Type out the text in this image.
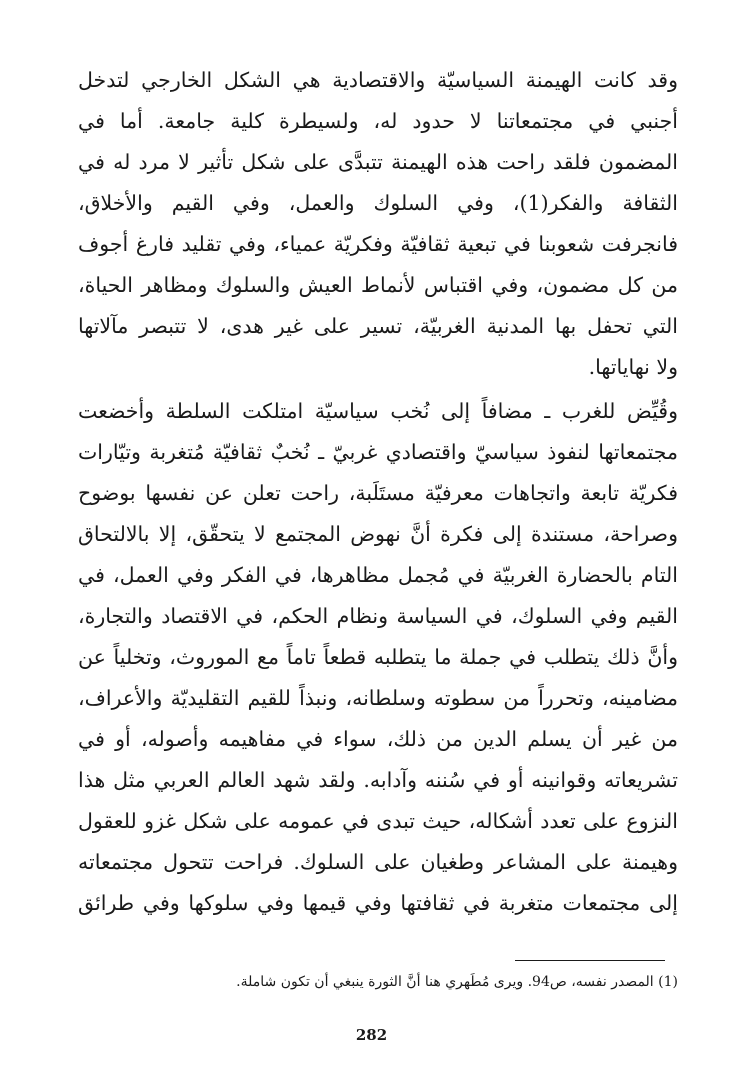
وقد كانت الهيمنة السياسيّة والاقتصادية هي الشكل الخارجي لتدخل
أجنبي في مجتمعاتنا لا حدود له، ولسيطرة كلية جامعة. أما في
المضمون فلقد راحت هذه الهيمنة تتبدَّى على شكل تأثير لا مرد له في
الثقافة والفكر(1)، وفي السلوك والعمل، وفي القيم والأخلاق،
فانجرفت شعوبنا في تبعية ثقافيّة وفكريّة عمياء، وفي تقليد فارغ أجوف
من كل مضمون، وفي اقتباس لأنماط العيش والسلوك ومظاهر الحياة،
التي تحفل بها المدنية الغربيّة، تسير على غير هدى، لا تتبصر مآلاتها
ولا نهاياتها.
وقُيِّض للغرب ـ مضافاً إلى نُخب سياسيّة امتلكت السلطة وأخضعت
مجتمعاتها لنفوذ سياسيّ واقتصادي غربيّ ـ نُخبٌ ثقافيّة مُتغربة وتيّارات
فكريّة تابعة واتجاهات معرفيّة مستَلَبة، راحت تعلن عن نفسها بوضوح
وصراحة، مستندة إلى فكرة أنَّ نهوض المجتمع لا يتحقّق، إلا بالالتحاق
التام بالحضارة الغربيّة في مُجمل مظاهرها، في الفكر وفي العمل، في
القيم وفي السلوك، في السياسة ونظام الحكم، في الاقتصاد والتجارة،
وأنَّ ذلك يتطلب في جملة ما يتطلبه قطعاً تاماً مع الموروث، وتخلياً عن
مضامينه، وتحرراً من سطوته وسلطانه، ونبذاً للقيم التقليديّة والأعراف،
من غير أن يسلم الدين من ذلك، سواء في مفاهيمه وأصوله، أو في
تشريعاته وقوانينه أو في سُننه وآدابه. ولقد شهد العالم العربي مثل هذا
النزوع على تعدد أشكاله، حيث تبدى في عمومه على شكل غزو للعقول
وهيمنة على المشاعر وطغيان على السلوك. فراحت تتحول مجتمعاته
إلى مجتمعات متغربة في ثقافتها وفي قيمها وفي سلوكها وفي طرائق
(1) المصدر نفسه، ص94. ويرى مُطَهري هنا أنَّ الثورة ينبغي أن تكون شاملة.
282
